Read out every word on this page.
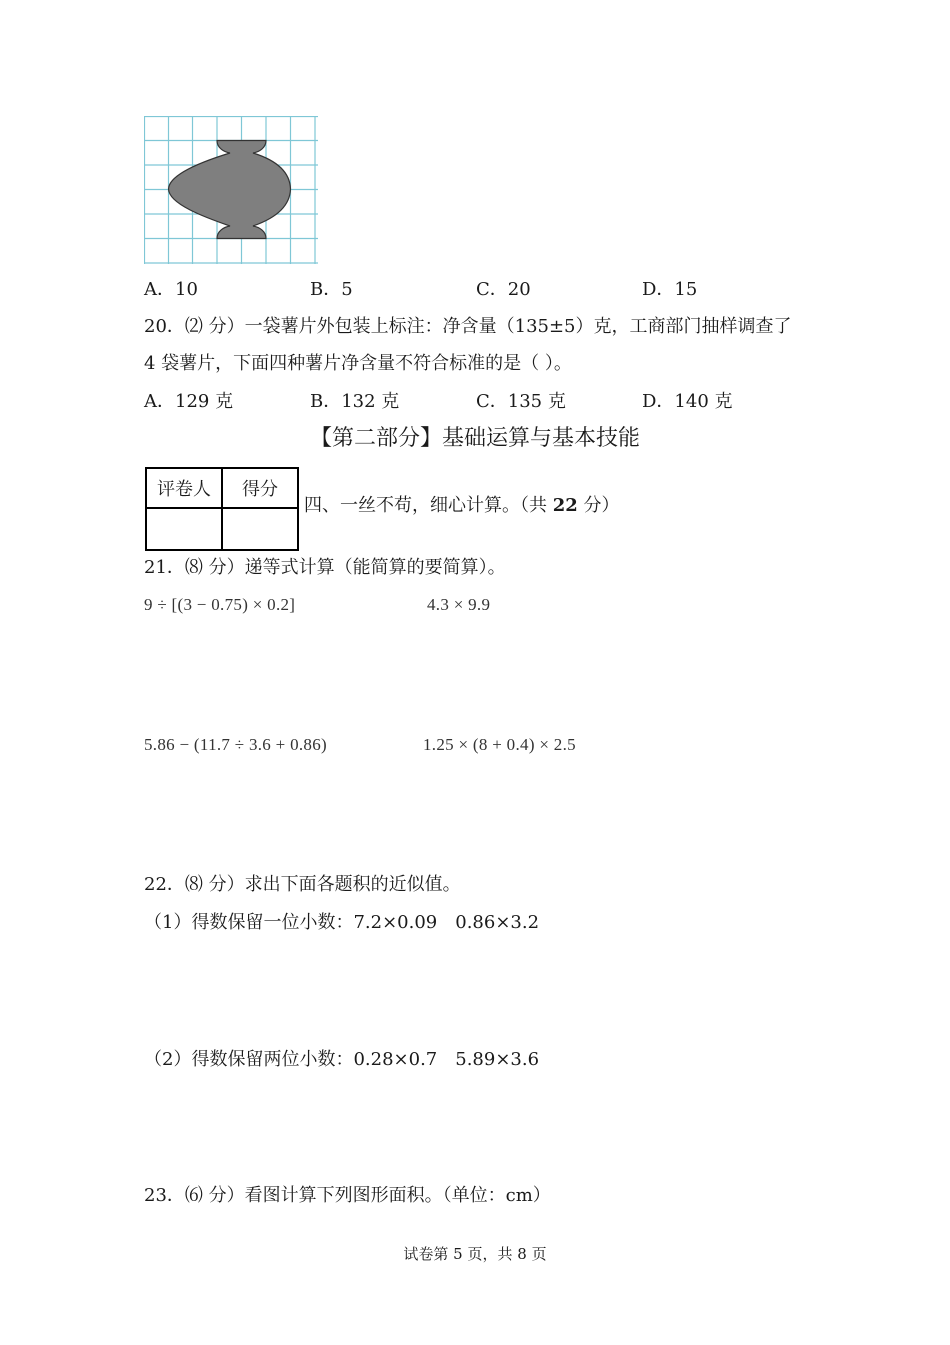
A．10	B．5	C．20	D．15
20．⑵ 分）一袋薯片外包装上标注：净含量（135±5）克，工商部门抽样调查了
4 袋薯片，下面四种薯片净含量不符合标准的是（ ）。
A．129 克	B．132 克	C．135 克	D．140 克
【第二部分】基础运算与基本技能
评卷人	得分

四、一丝不苟，细心计算。（共 22 分）
21．⑻ 分）递等式计算（能简算的要简算）。
9 ÷ [(3 − 0.75) × 0.2]	4.3 × 9.9
5.86 − (11.7 ÷ 3.6 + 0.86)	1.25 × (8 + 0.4) × 2.5
22．⑻ 分）求出下面各题积的近似值。
（1）得数保留一位小数：7.2×0.09　0.86×3.2
（2）得数保留两位小数：0.28×0.7　5.89×3.6
23．⑹ 分）看图计算下列图形面积。（单位：cm）
试卷第 5 页，共 8 页
